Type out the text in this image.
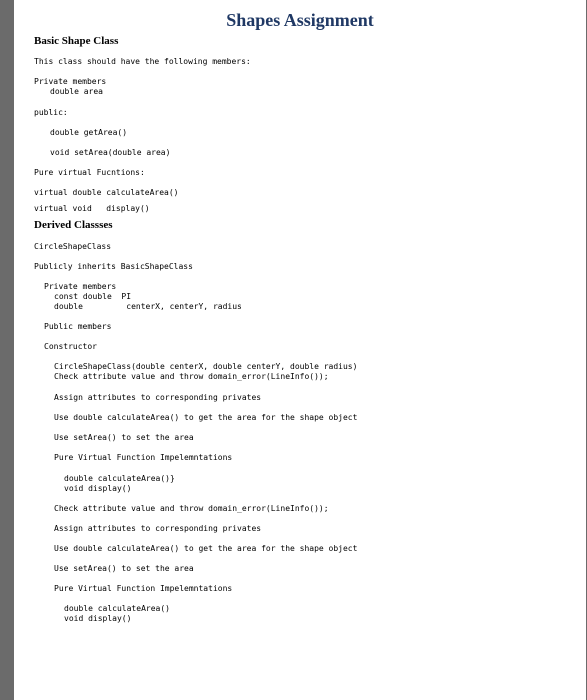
Shapes Assignment
Basic Shape Class
This class should have the following members:
Private members
double area
public:
double getArea()
void setArea(double area)
Pure virtual Fucntions:
virtual double calculateArea()
virtual void   display()
Derived Classses
CircleShapeClass
Publicly inherits BasicShapeClass
Private members
const double  PI
double         centerX, centerY, radius
Public members
Constructor
CircleShapeClass(double centerX, double centerY, double radius)
Check attribute value and throw domain_error(LineInfo());
Assign attributes to corresponding privates
Use double calculateArea() to get the area for the shape object
Use setArea() to set the area
Pure Virtual Function Impelemntations
double calculateArea()}
void display()
Check attribute value and throw domain_error(LineInfo());
Assign attributes to corresponding privates
Use double calculateArea() to get the area for the shape object
Use setArea() to set the area
Pure Virtual Function Impelemntations
double calculateArea()
void display()
